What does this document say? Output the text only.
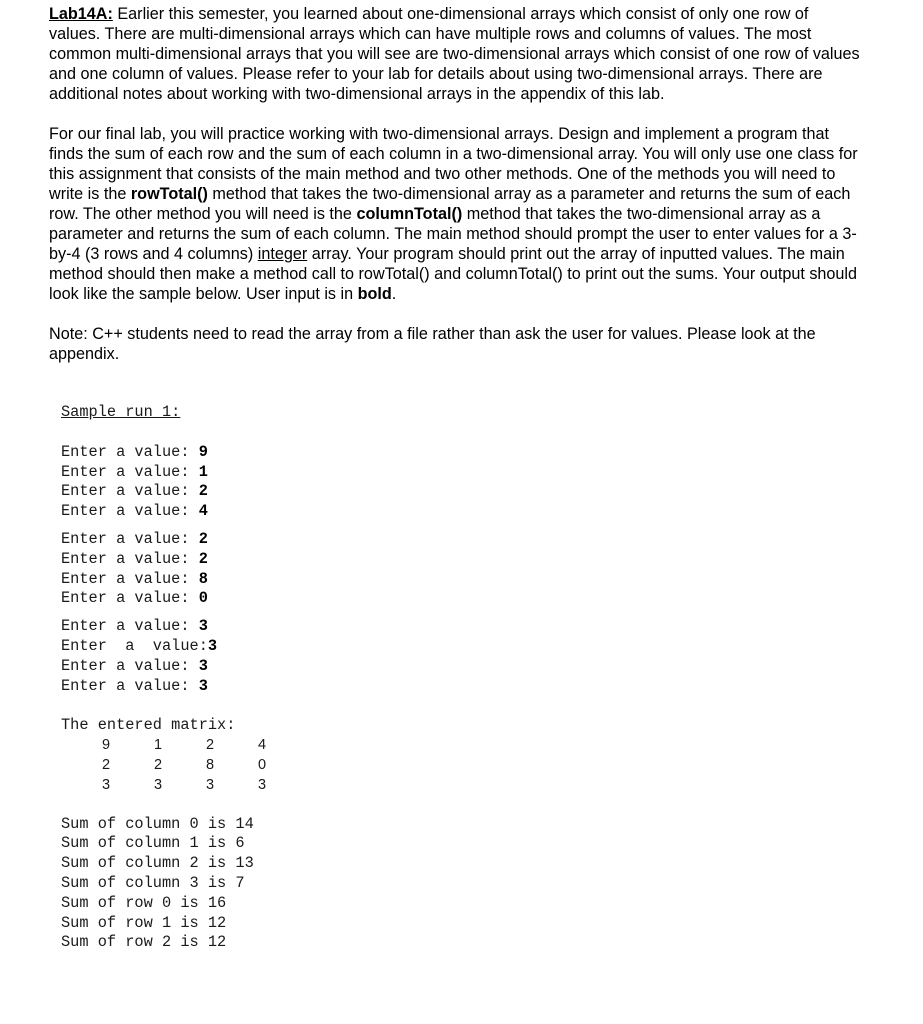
Lab14A: Earlier this semester, you learned about one-dimensional arrays which consist of only one row of values. There are multi-dimensional arrays which can have multiple rows and columns of values. The most common multi-dimensional arrays that you will see are two-dimensional arrays which consist of one row of values and one column of values. Please refer to your lab for details about using two-dimensional arrays. There are additional notes about working with two-dimensional arrays in the appendix of this lab.

For our final lab, you will practice working with two-dimensional arrays. Design and implement a program that finds the sum of each row and the sum of each column in a two-dimensional array. You will only use one class for this assignment that consists of the main method and two other methods. One of the methods you will need to write is the rowTotal() method that takes the two-dimensional array as a parameter and returns the sum of each row. The other method you will need is the columnTotal() method that takes the two-dimensional array as a parameter and returns the sum of each column. The main method should prompt the user to enter values for a 3-by-4 (3 rows and 4 columns) integer array. Your program should print out the array of inputted values. The main method should then make a method call to rowTotal() and columnTotal() to print out the sums. Your output should look like the sample below. User input is in bold.

Note: C++ students need to read the array from a file rather than ask the user for values. Please look at the appendix.

Sample run 1:
Enter a value: 9
Enter a value: 1
Enter a value: 2
Enter a value: 4
Enter a value: 2
Enter a value: 2
Enter a value: 8
Enter a value: 0
Enter a value: 3
Enter  a  value:3
Enter a value: 3
Enter a value: 3
The entered matrix:
9	1	2	4
2	2	8	0
3	3	3	3
Sum of column 0 is 14
Sum of column 1 is 6
Sum of column 2 is 13
Sum of column 3 is 7
Sum of row 0 is 16
Sum of row 1 is 12
Sum of row 2 is 12
